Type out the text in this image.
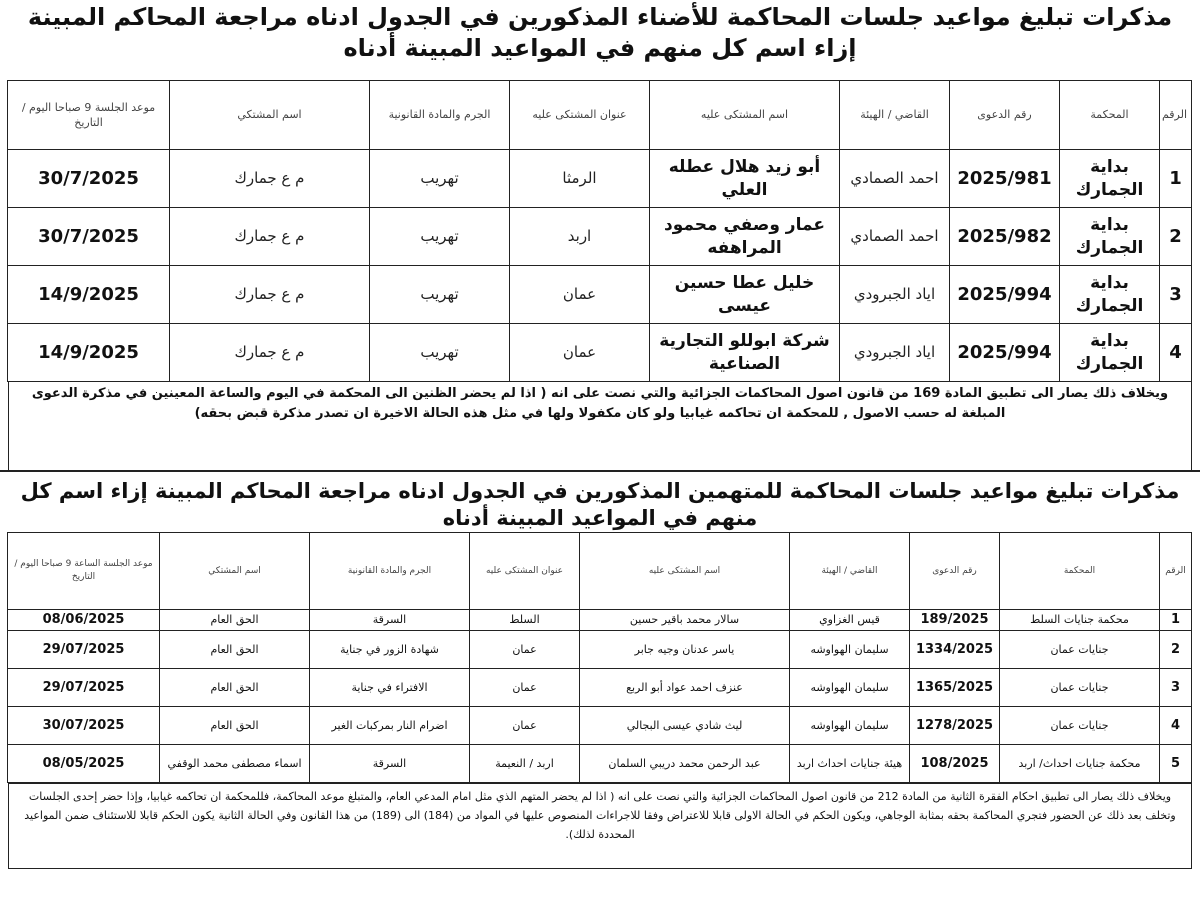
مذكرات تبليغ مواعيد جلسات المحاكمة للأضناء المذكورين في الجدول ادناه مراجعة المحاكم المبينة إزاء اسم كل منهم في المواعيد المبينة أدناه
الرقم	المحكمة	رقم الدعوى	القاضي / الهيئة	اسم المشتكى عليه	عنوان المشتكى عليه	الجرم والمادة القانونية	اسم المشتكي	موعد الجلسة 9 صباحا اليوم / التاريخ
1	بداية الجمارك	2025/981	احمد الصمادي	أبو زيد هلال عطله العلي	الرمثا	تهريب	م ع جمارك	30/7/2025
2	بداية الجمارك	2025/982	احمد الصمادي	عمار وصفي محمود المراهفه	اربد	تهريب	م ع جمارك	30/7/2025
3	بداية الجمارك	2025/994	اياد الجبرودي	خليل عطا حسين عيسى	عمان	تهريب	م ع جمارك	14/9/2025
4	بداية الجمارك	2025/994	اياد الجبرودي	شركة ابوللو التجارية الصناعية	عمان	تهريب	م ع جمارك	14/9/2025
ويخلاف ذلك يصار الى تطبيق المادة 169 من قانون اصول المحاكمات الجزائية والتي نصت على انه ( اذا لم يحضر الظنين الى المحكمة في اليوم والساعة المعينين في مذكرة الدعوى المبلغة له حسب الاصول , للمحكمة ان تحاكمه غيابيا ولو كان مكفولا ولها في مثل هذه الحالة الاخيرة ان تصدر مذكرة قبض بحقه)
مذكرات تبليغ مواعيد جلسات المحاكمة للمتهمين المذكورين في الجدول ادناه مراجعة المحاكم المبينة إزاء اسم كل منهم في المواعيد المبينة أدناه
الرقم	المحكمة	رقم الدعوى	القاضي / الهيئة	اسم المشتكى عليه	عنوان المشتكى عليه	الجرم والمادة القانونية	اسم المشتكي	موعد الجلسة الساعة 9 صباحا اليوم / التاريخ
1	محكمة جنايات السلط	189/2025	قيس الغزاوي	سالار محمد باقير حسين	السلط	السرقة	الحق العام	08/06/2025
2	جنايات عمان	1334/2025	سليمان الهواوشه	ياسر عدنان وجيه جابر	عمان	شهادة الزور في جناية	الحق العام	29/07/2025
3	جنايات عمان	1365/2025	سليمان الهواوشه	عنزف احمد عواد أبو الربع	عمان	الافتراء في جناية	الحق العام	29/07/2025
4	جنايات عمان	1278/2025	سليمان الهواوشه	ليث شادي عيسى البجالي	عمان	اضرام النار بمركبات الغير	الحق العام	30/07/2025
5	محكمة جنايات احداث/ اربد	108/2025	هيئة جنايات احداث اربد	عبد الرحمن محمد دريبي السلمان	اربد / النعيمة	السرقة	اسماء مصطفى محمد الوقفي	08/05/2025
ويخلاف ذلك يصار الى تطبيق احكام الفقرة الثانية من المادة 212 من قانون اصول المحاكمات الجزائية والتي نصت على انه ( اذا لم يحضر المتهم الذي مثل امام المدعي العام، والمتبلغ موعد المحاكمة، فللمحكمة ان تحاكمه غيابيا، وإذا حضر إحدى الجلسات وتخلف بعد ذلك عن الحضور فتجري المحاكمة بحقه بمثابة الوجاهي، ويكون الحكم في الحالة الاولى قابلا للاعتراض وفقا للاجراءات المنصوص عليها في المواد من (184) الى (189) من هذا القانون وفي الحالة الثانية يكون الحكم قابلا للاستئناف ضمن المواعيد المحددة لذلك).
